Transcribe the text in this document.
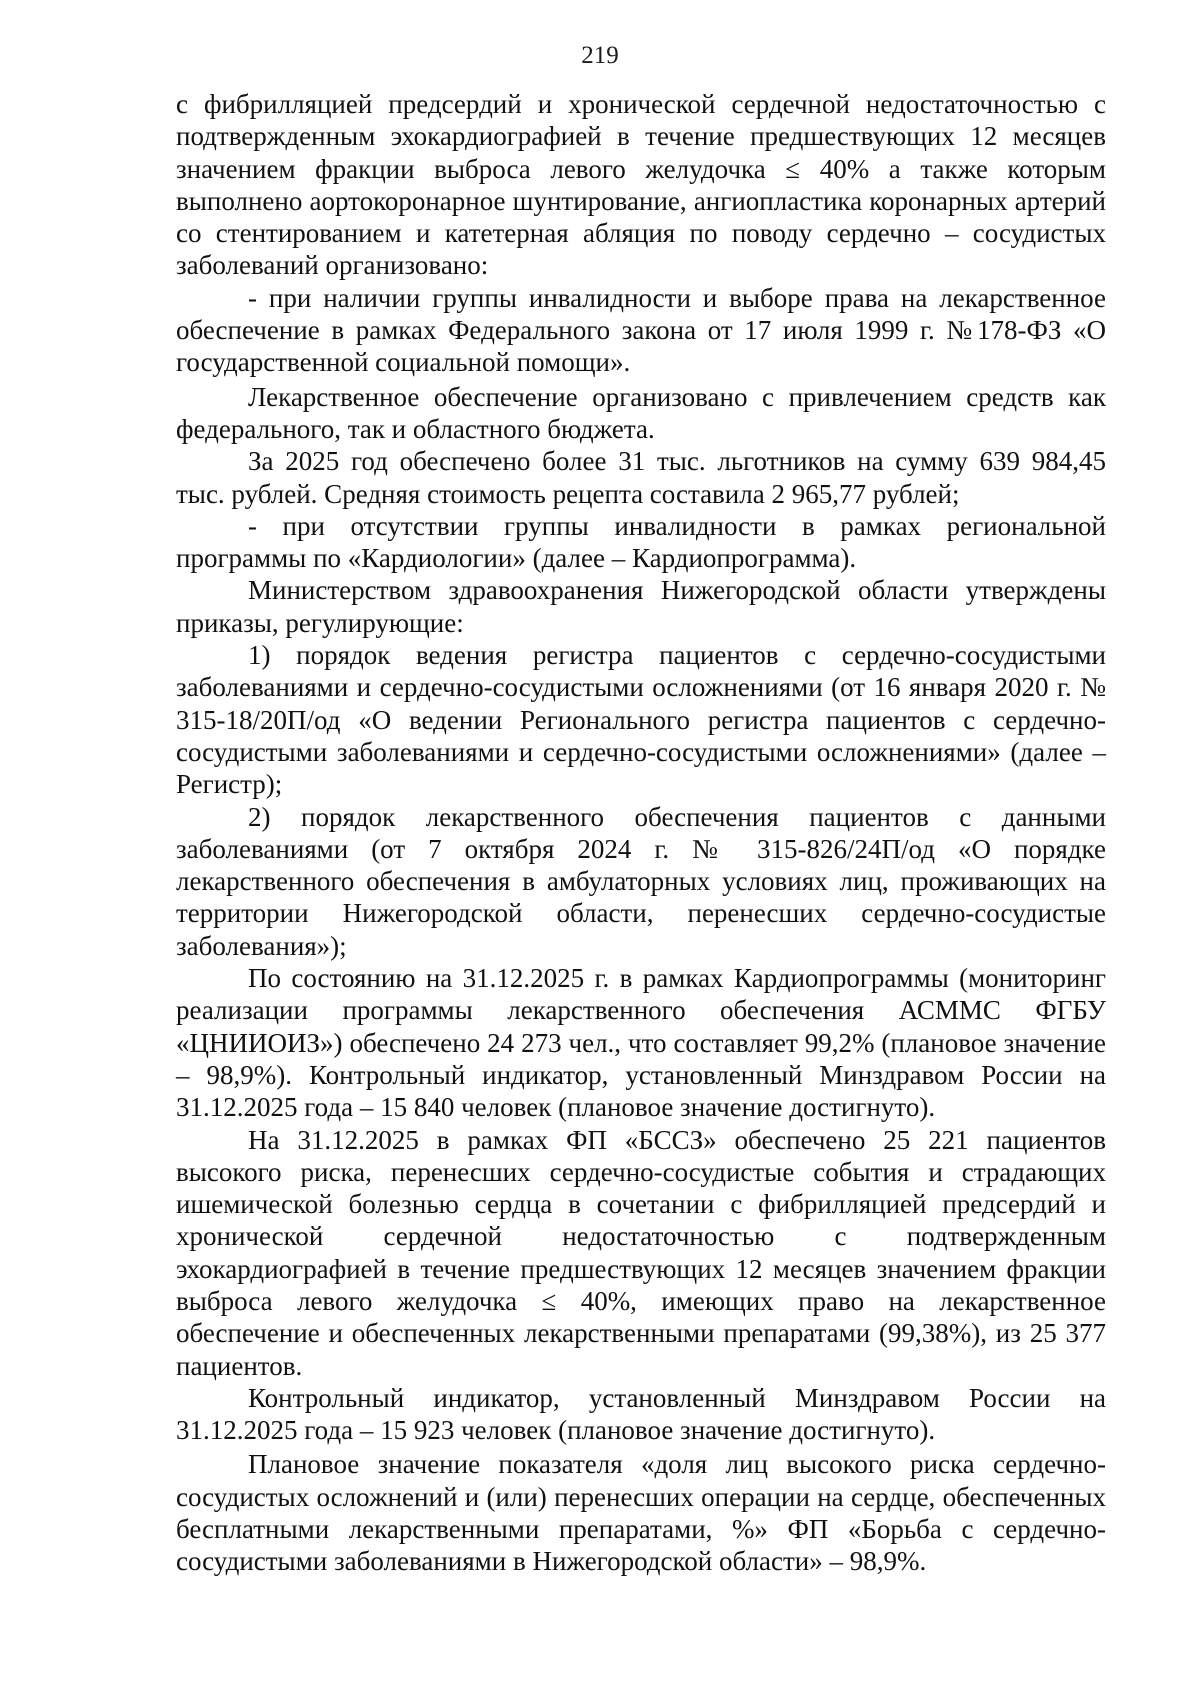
219

с фибрилляцией предсердий и хронической сердечной недостаточностью с подтвержденным эхокардиографией в течение предшествующих 12 месяцев значением фракции выброса левого желудочка ≤ 40% а также которым выполнено аортокоронарное шунтирование, ангиопластика коронарных артерий со стентированием и катетерная абляция по поводу сердечно – сосудистых заболеваний организовано:

- при наличии группы инвалидности и выборе права на лекарственное обеспечение в рамках Федерального закона от 17 июля 1999 г. №178-ФЗ «О государственной социальной помощи».

Лекарственное обеспечение организовано с привлечением средств как федерального, так и областного бюджета.

За 2025 год обеспечено более 31 тыс. льготников на сумму 639 984,45 тыс. рублей. Средняя стоимость рецепта составила 2 965,77 рублей;

- при отсутствии группы инвалидности в рамках региональной программы по «Кардиологии» (далее – Кардиопрограмма).

Министерством здравоохранения Нижегородской области утверждены приказы, регулирующие:

1) порядок ведения регистра пациентов с сердечно-сосудистыми заболеваниями и сердечно-сосудистыми осложнениями (от 16 января 2020 г. № 315-18/20П/од «О ведении Регионального регистра пациентов с сердечно-сосудистыми заболеваниями и сердечно-сосудистыми осложнениями» (далее – Регистр);

2) порядок лекарственного обеспечения пациентов с данными заболеваниями (от 7 октября 2024 г. № 315-826/24П/од «О порядке лекарственного обеспечения в амбулаторных условиях лиц, проживающих на территории Нижегородской области, перенесших сердечно-сосудистые заболевания»);

По состоянию на 31.12.2025 г. в рамках Кардиопрограммы (мониторинг реализации программы лекарственного обеспечения АСММС ФГБУ «ЦНИИОИЗ») обеспечено 24 273 чел., что составляет 99,2% (плановое значение – 98,9%). Контрольный индикатор, установленный Минздравом России на 31.12.2025 года – 15 840 человек (плановое значение достигнуто).

На 31.12.2025 в рамках ФП «БССЗ» обеспечено 25 221 пациентов высокого риска, перенесших сердечно-сосудистые события и страдающих ишемической болезнью сердца в сочетании с фибрилляцией предсердий и хронической сердечной недостаточностью с подтвержденным эхокардиографией в течение предшествующих 12 месяцев значением фракции выброса левого желудочка ≤ 40%, имеющих право на лекарственное обеспечение и обеспеченных лекарственными препаратами (99,38%), из 25 377 пациентов.

Контрольный индикатор, установленный Минздравом России на 31.12.2025 года – 15 923 человек (плановое значение достигнуто).

Плановое значение показателя «доля лиц высокого риска сердечно-сосудистых осложнений и (или) перенесших операции на сердце, обеспеченных бесплатными лекарственными препаратами, %» ФП «Борьба с сердечно-сосудистыми заболеваниями в Нижегородской области» – 98,9%.
